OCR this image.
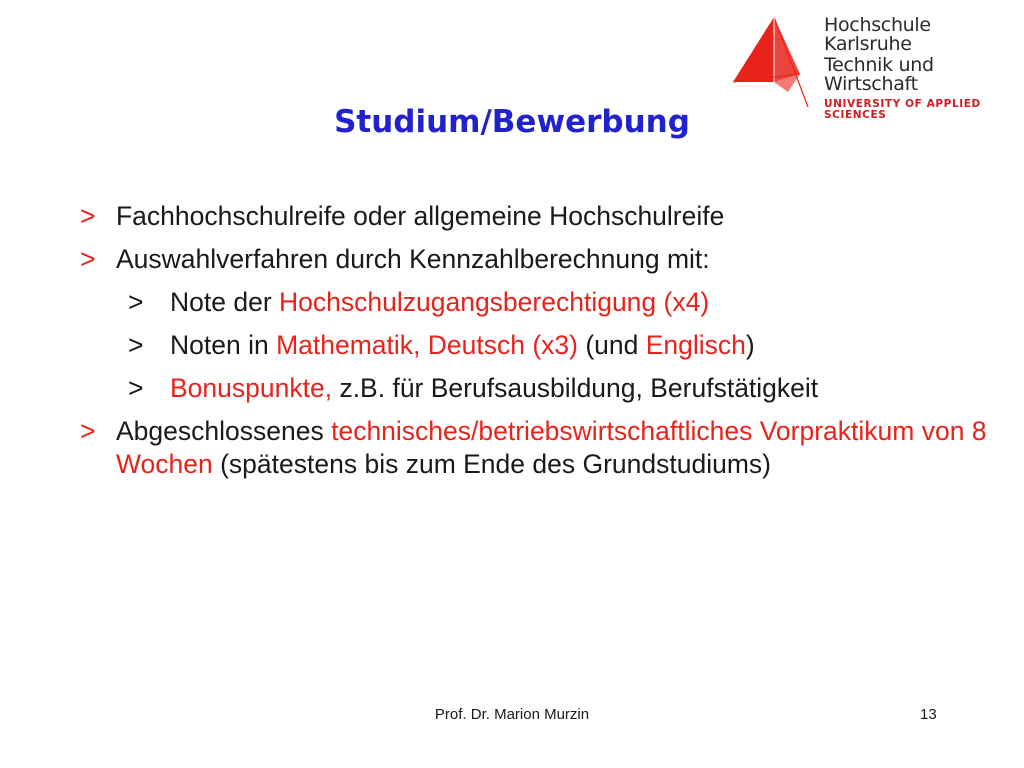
Hochschule Karlsruhe
Technik und Wirtschaft
UNIVERSITY OF APPLIED SCIENCES
Studium/Bewerbung
> Fachhochschulreife oder allgemeine Hochschulreife
> Auswahlverfahren durch Kennzahlberechnung mit:
> Note der Hochschulzugangsberechtigung (x4)
> Noten in Mathematik, Deutsch (x3) (und Englisch)
> Bonuspunkte, z.B. für Berufsausbildung, Berufstätigkeit
> Abgeschlossenes technisches/betriebswirtschaftliches Vorpraktikum von 8 Wochen (spätestens bis zum Ende des Grundstudiums)
Prof. Dr. Marion Murzin	13
